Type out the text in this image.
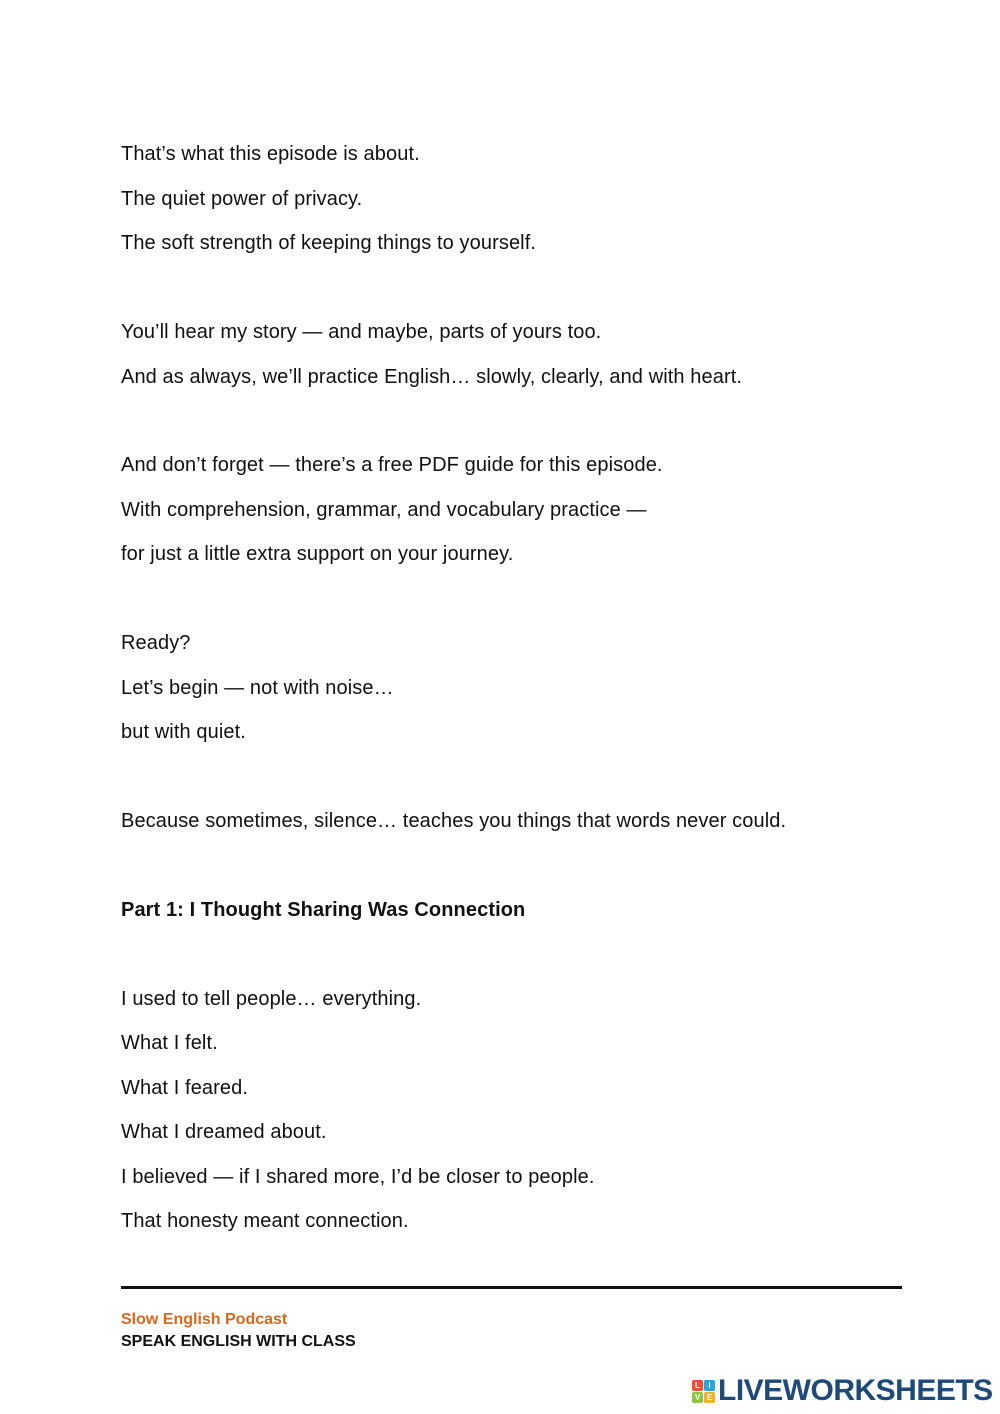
That’s what this episode is about.

The quiet power of privacy.

The soft strength of keeping things to yourself.

You’ll hear my story — and maybe, parts of yours too.

And as always, we’ll practice English… slowly, clearly, and with heart.

And don’t forget — there’s a free PDF guide for this episode.

With comprehension, grammar, and vocabulary practice —

for just a little extra support on your journey.

Ready?

Let’s begin — not with noise…

but with quiet.

Because sometimes, silence… teaches you things that words never could.

Part 1: I Thought Sharing Was Connection

I used to tell people… everything.

What I felt.

What I feared.

What I dreamed about.

I believed — if I shared more, I’d be closer to people.

That honesty meant connection.

Slow English Podcast
SPEAK ENGLISH WITH CLASS
L	I
V E LIVEWORKSHEETS
